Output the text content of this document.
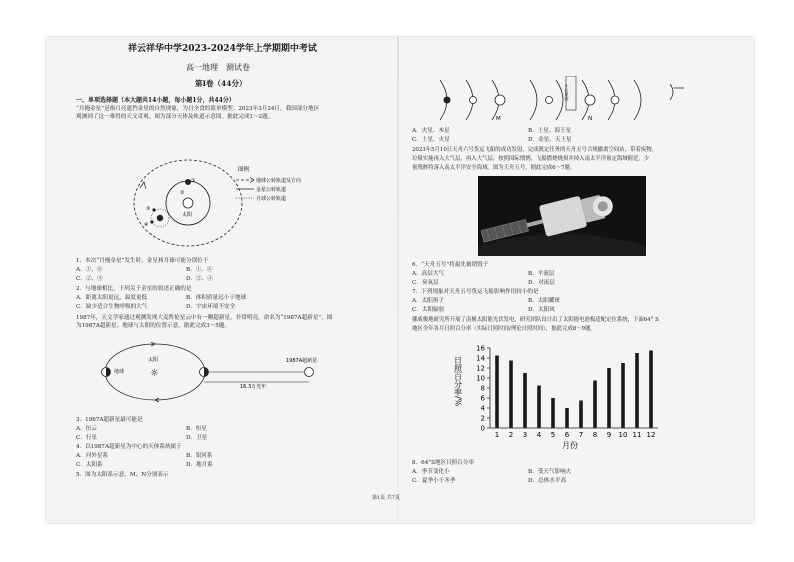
祥云祥华中学2023-2024学年上学期期中考试
高一地理　测试卷
第Ⅰ卷（44分）
一、单项选择题（本大题共14小题，每小题1分，共44分）
“月掩金星”是指月亮遮挡金星的自然现象，为日全食的简单模型。2023年3月24日，我国部分地区
观测到了这一难得的天文奇观。图为部分天体及轨道示意图。据此完成1～2题。
太阳
①
②
③
④
图例
地球公转轨道及方向
金星公转轨道
月球公转轨道
1．本次“月掩金星”发生时，金星和月球可能分别位于
A．①、④	B．①、④
C．②、③	D．②、④
2．与地球相比，下列关于金星的叙述正确的是
A．距离太阳更远，温度更低	B．体积质量远小于地球
C．缺少适合生物呼吸的大气	D．宇宙环境不安全
1987年，天文学家通过观测发现大麦哲伦星云中有一颗超新星。非常明亮，命名为“1987A超新星”，图
为1987A超新星、地球与太阳的位置示意。据此完成3～5题。
太阳
☼
地球
1987A超新星
16.3万光年
3．1987A超新星最可能是
A．恒云	B．恒星
C．行星	D．卫星
4．以1987A超新星为中心的天体系统属于
A．河外星系	B．银河系
C．太阳系	D．地月系
5．图为太阳系示意，M、N分别表示
第1页 共7页
M
小行星带
N
A．火星、木星	B．土星、海王星
C．土星、火星	D．金星、天王星
2023年5月10日天舟六号货运飞船的成功发射，完成既定任务的天舟五号合规撤离空间站，带着废物、
垃圾实施再入大气层，再入大气层，按照国际惯例，飞船燃烧烧损并掉入南太平洋预定海域附近，少
量残骸将落入南太平洋安全海域。图为天舟五号。据此完成6～7题。
6．“天舟五号”将最先被销毁于
A．高层大气	B．平流层
C．臭氧层	D．对流层
7．下列现象对天舟五号货运飞船影响作用较小的是
A．太阳黑子	B．太阳耀斑
C．太阳辐射	D．太阳风
挪威极地研究所开展了南极太阳能光伏发电，研究团队设计出了太阳能电池板适配定位系统，下面64° S
地区全年各月日照百分率（实际日照时间/理论日照时间），据此完成8～9题。
0
2
4
6
8
10
12
14
16
1 2 3 4 5 6 7 8 9 10 11 12
日照百分率/%
月份
8．64°S地区日照百分率
A．季节变化小	B．受天气影响大
C．夏季小于冬季	D．总体水平高
